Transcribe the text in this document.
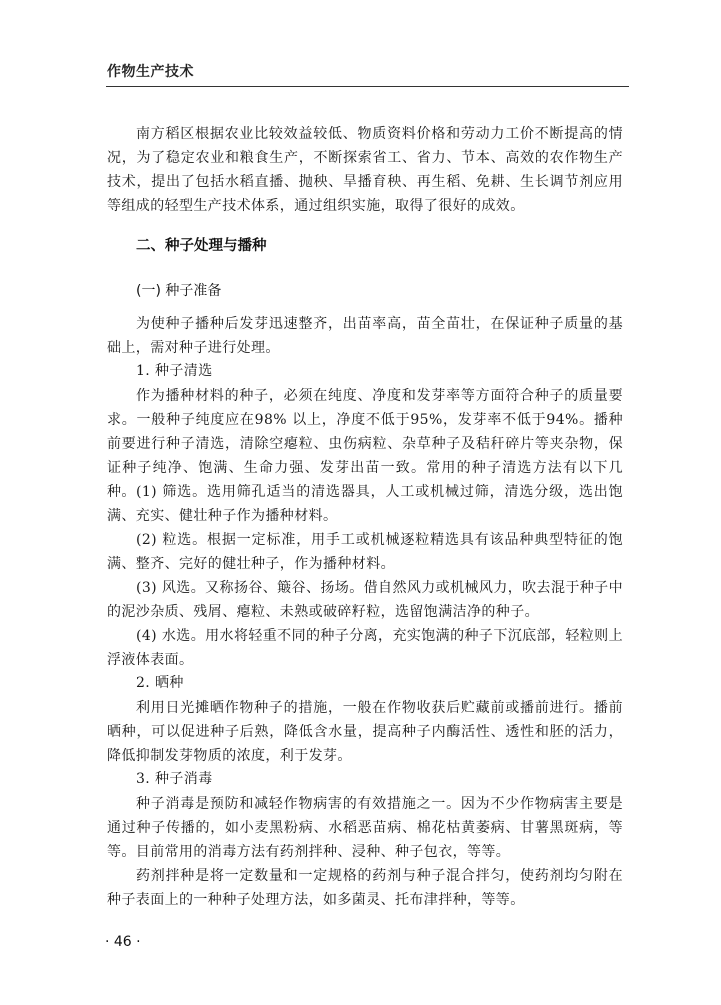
作物生产技术

南方稻区根据农业比较效益较低、物质资料价格和劳动力工价不断提高的情况，为了稳定农业和粮食生产，不断探索省工、省力、节本、高效的农作物生产技术，提出了包括水稻直播、抛秧、旱播育秧、再生稻、免耕、生长调节剂应用等组成的轻型生产技术体系，通过组织实施，取得了很好的成效。

二、种子处理与播种
(一) 种子准备

为使种子播种后发芽迅速整齐，出苗率高，苗全苗壮，在保证种子质量的基础上，需对种子进行处理。

1. 种子清选

作为播种材料的种子，必须在纯度、净度和发芽率等方面符合种子的质量要求。一般种子纯度应在98% 以上，净度不低于95%，发芽率不低于94%。播种前要进行种子清选，清除空瘪粒、虫伤病粒、杂草种子及秸秆碎片等夹杂物，保证种子纯净、饱满、生命力强、发芽出苗一致。常用的种子清选方法有以下几种。 (1) 筛选。选用筛孔适当的清选器具，人工或机械过筛，清选分级，选出饱满、充实、健壮种子作为播种材料。

(2) 粒选。根据一定标准，用手工或机械逐粒精选具有该品种典型特征的饱满、整齐、完好的健壮种子，作为播种材料。

(3) 风选。又称扬谷、簸谷、扬场。借自然风力或机械风力，吹去混于种子中的泥沙杂质、残屑、瘪粒、未熟或破碎籽粒，选留饱满洁净的种子。

(4) 水选。用水将轻重不同的种子分离，充实饱满的种子下沉底部，轻粒则上浮液体表面。

2. 晒种

利用日光摊晒作物种子的措施，一般在作物收获后贮藏前或播前进行。播前晒种，可以促进种子后熟，降低含水量，提高种子内酶活性、透性和胚的活力，降低抑制发芽物质的浓度，利于发芽。

3. 种子消毒

种子消毒是预防和减轻作物病害的有效措施之一。因为不少作物病害主要是通过种子传播的，如小麦黑粉病、水稻恶苗病、棉花枯黄萎病、甘薯黑斑病，等等。目前常用的消毒方法有药剂拌种、浸种、种子包衣，等等。

药剂拌种是将一定数量和一定规格的药剂与种子混合拌匀，使药剂均匀附在种子表面上的一种种子处理方法，如多菌灵、托布津拌种，等等。

· 46 ·
